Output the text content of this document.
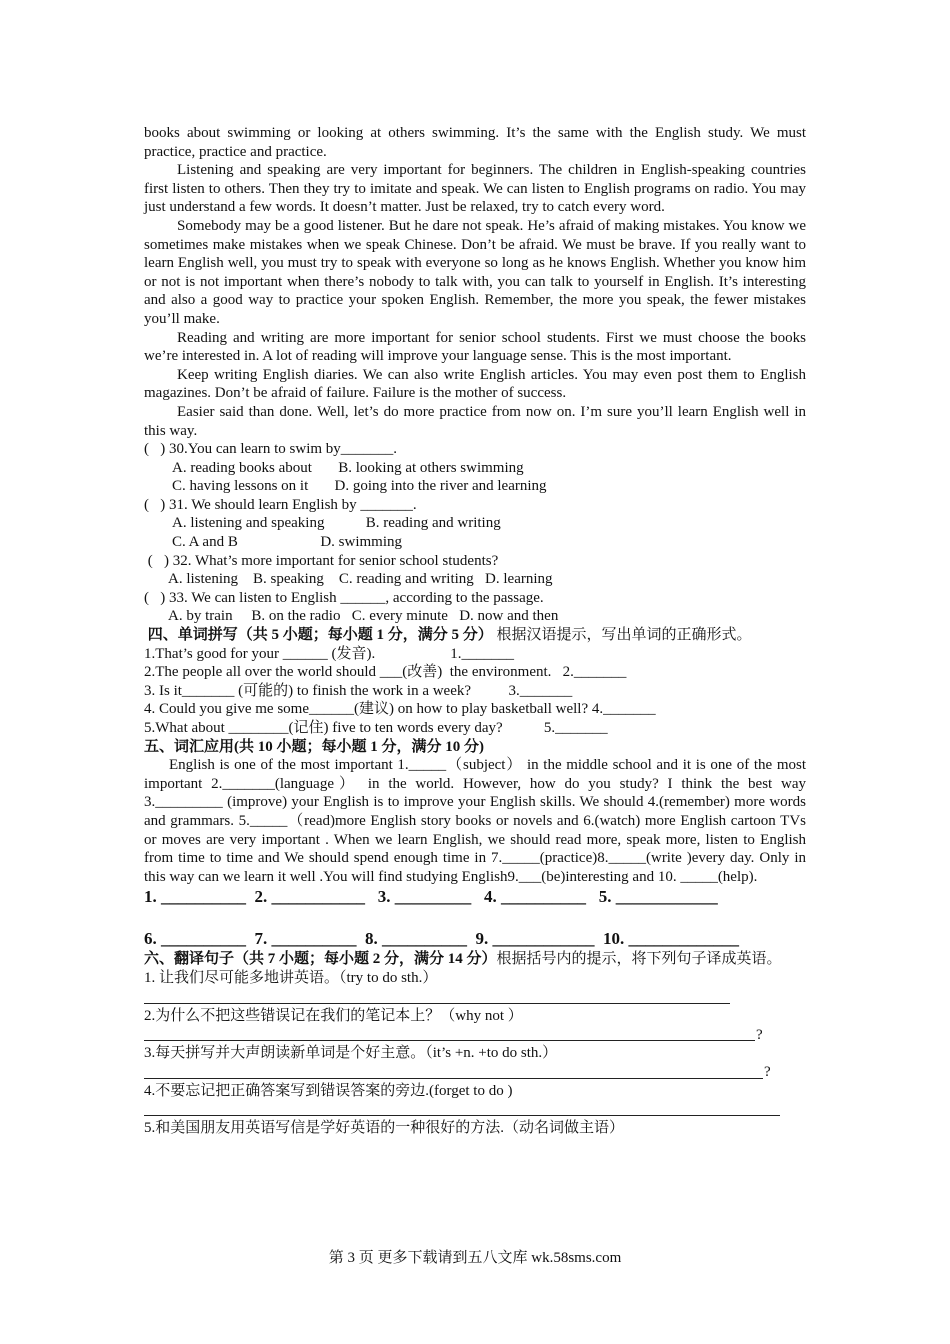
books about swimming or looking at others swimming. It’s the same with the English study. We must practice, practice and practice.

Listening and speaking are very important for beginners. The children in English-speaking countries first listen to others. Then they try to imitate and speak. We can listen to English programs on radio. You may just understand a few words. It doesn’t matter. Just be relaxed, try to catch every word.

Somebody may be a good listener. But he dare not speak. He’s afraid of making mistakes. You know we sometimes make mistakes when we speak Chinese. Don’t be afraid. We must be brave. If you really want to learn English well, you must try to speak with everyone so long as he knows English. Whether you know him or not is not important when there’s nobody to talk with, you can talk to yourself in English. It’s interesting and also a good way to practice your spoken English. Remember, the more you speak, the fewer mistakes you’ll make.

Reading and writing are more important for senior school students. First we must choose the books we’re interested in. A lot of reading will improve your language sense. This is the most important.

Keep writing English diaries. We can also write English articles. You may even post them to English magazines. Don’t be afraid of failure. Failure is the mother of success.

Easier said than done. Well, let’s do more practice from now on. I’m sure you’ll learn English well in this way.

(   ) 30.You can learn to swim by_______.

A. reading books about       B. looking at others swimming

C. having lessons on it       D. going into the river and learning

(   ) 31. We should learn English by _______.

A. listening and speaking           B. reading and writing

C. A and B                      D. swimming

(   ) 32. What’s more important for senior school students?

A. listening    B. speaking    C. reading and writing   D. learning

(   ) 33. We can listen to English ______, according to the passage.

A. by train     B. on the radio   C. every minute   D. now and then

四、单词拼写（共 5 小题；每小题 1 分，满分 5 分） 根据汉语提示，写出单词的正确形式。

1.That’s good for your ______ (发音).                    1._______

2.The people all over the world should ___(改善)  the environment.   2._______

3. Is it_______ (可能的) to finish the work in a week?          3._______

4. Could you give me some______(建议) on how to play basketball well? 4._______

5.What about ________(记住) five to ten words every day?           5._______

五、词汇应用(共 10 小题；每小题 1 分，满分 10 分)

English is one of the most important 1._____（subject） in the middle school and it is one of the most important 2._______(language） in the world. However, how do you study? I think the best way 3._________ (improve) your English is to improve your English skills. We should 4.(remember) more words and grammars. 5._____（read)more English story books or novels and 6.(watch) more English cartoon TVs or moves are very important . When we learn English, we should read more, speak more, listen to English from time to time and We should spend enough time in 7._____(practice)8._____(write )every day. Only in this way can we learn it well .You will find studying English9.___(be)interesting and 10. _____(help).

1. __________  2. ___________   3. _________   4. __________   5. ____________

6. __________  7. __________  8. __________  9. ____________  10. _____________

六、翻译句子（共 7 小题；每小题 2 分，满分 14 分）根据括号内的提示，将下列句子译成英语。

1. 让我们尽可能多地讲英语。（try to do sth.）

2.为什么不把这些错误记在我们的笔记本上？（why not ）

?

3.每天拼写并大声朗读新单词是个好主意。（it’s +n. +to do sth.）

?

4.不要忘记把正确答案写到错误答案的旁边.(forget to do )

5.和美国朋友用英语写信是学好英语的一种很好的方法.（动名词做主语）

第 3 页 更多下载请到五八文库 wk.58sms.com
